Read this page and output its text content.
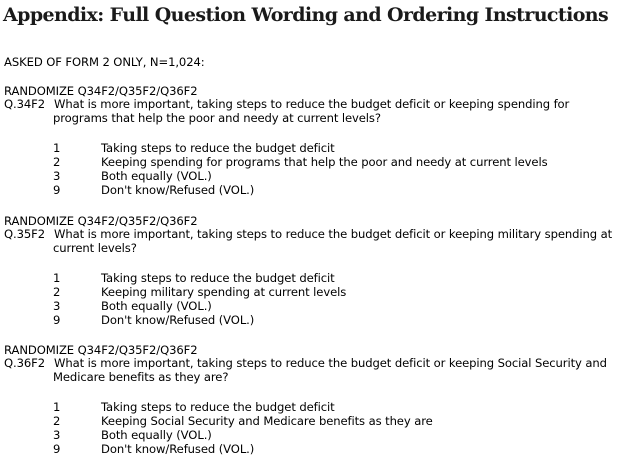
Appendix: Full Question Wording and Ordering Instructions
ASKED OF FORM 2 ONLY, N=1,024:
RANDOMIZE Q34F2/Q35F2/Q36F2
Q.34F2 What is more important, taking steps to reduce the budget deficit or keeping spending for
programs that help the poor and needy at current levels?
1	Taking steps to reduce the budget deficit
2	Keeping spending for programs that help the poor and needy at current levels
3	Both equally (VOL.)
9	Don't know/Refused (VOL.)
RANDOMIZE Q34F2/Q35F2/Q36F2
Q.35F2 What is more important, taking steps to reduce the budget deficit or keeping military spending at
current levels?
1	Taking steps to reduce the budget deficit
2	Keeping military spending at current levels
3	Both equally (VOL.)
9	Don't know/Refused (VOL.)
RANDOMIZE Q34F2/Q35F2/Q36F2
Q.36F2 What is more important, taking steps to reduce the budget deficit or keeping Social Security and
Medicare benefits as they are?
1	Taking steps to reduce the budget deficit
2	Keeping Social Security and Medicare benefits as they are
3	Both equally (VOL.)
9	Don't know/Refused (VOL.)
